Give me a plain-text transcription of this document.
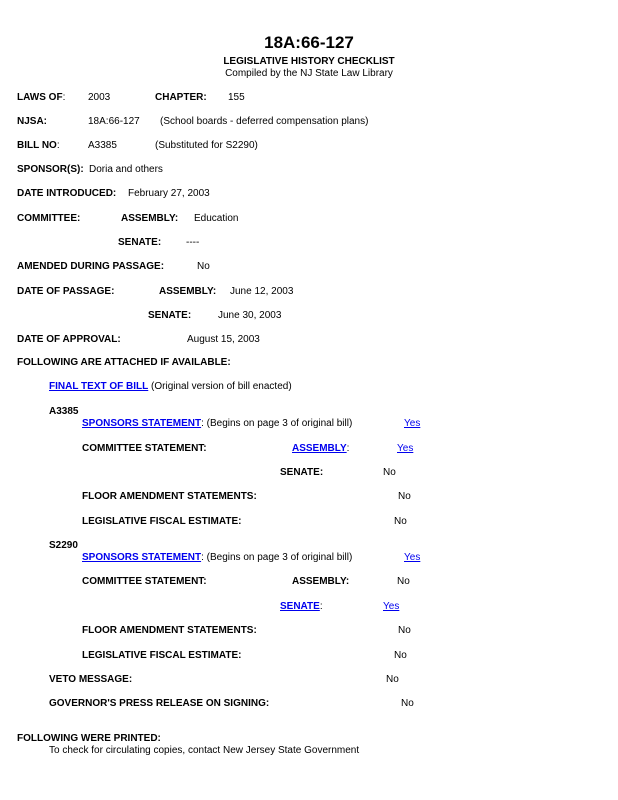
18A:66-127
LEGISLATIVE HISTORY CHECKLIST
Compiled by the NJ State Law Library
LAWS OF: 2003	CHAPTER: 155
NJSA:	18A:66-127 (School boards - deferred compensation plans)
BILL NO:	A3385	(Substituted for S2290)
SPONSOR(S): Doria and others
DATE INTRODUCED: February 27, 2003
COMMITTEE:	ASSEMBLY: Education
SENATE: ----
AMENDED DURING PASSAGE:	No
DATE OF PASSAGE:	ASSEMBLY: June 12, 2003
SENATE:	June 30, 2003
DATE OF APPROVAL:	August 15, 2003
FOLLOWING ARE ATTACHED IF AVAILABLE:
FINAL TEXT OF BILL (Original version of bill enacted)
A3385
SPONSORS STATEMENT: (Begins on page 3 of original bill)	Yes
COMMITTEE STATEMENT:	ASSEMBLY:	Yes
SENATE:	No
FLOOR AMENDMENT STATEMENTS:	No
LEGISLATIVE FISCAL ESTIMATE:	No
S2290
SPONSORS STATEMENT: (Begins on page 3 of original bill)	Yes
COMMITTEE STATEMENT:	ASSEMBLY:	No
SENATE:	Yes
FLOOR AMENDMENT STATEMENTS:	No
LEGISLATIVE FISCAL ESTIMATE:	No
VETO MESSAGE:	No
GOVERNOR'S PRESS RELEASE ON SIGNING:	No
FOLLOWING WERE PRINTED:
To check for circulating copies, contact New Jersey State Government
